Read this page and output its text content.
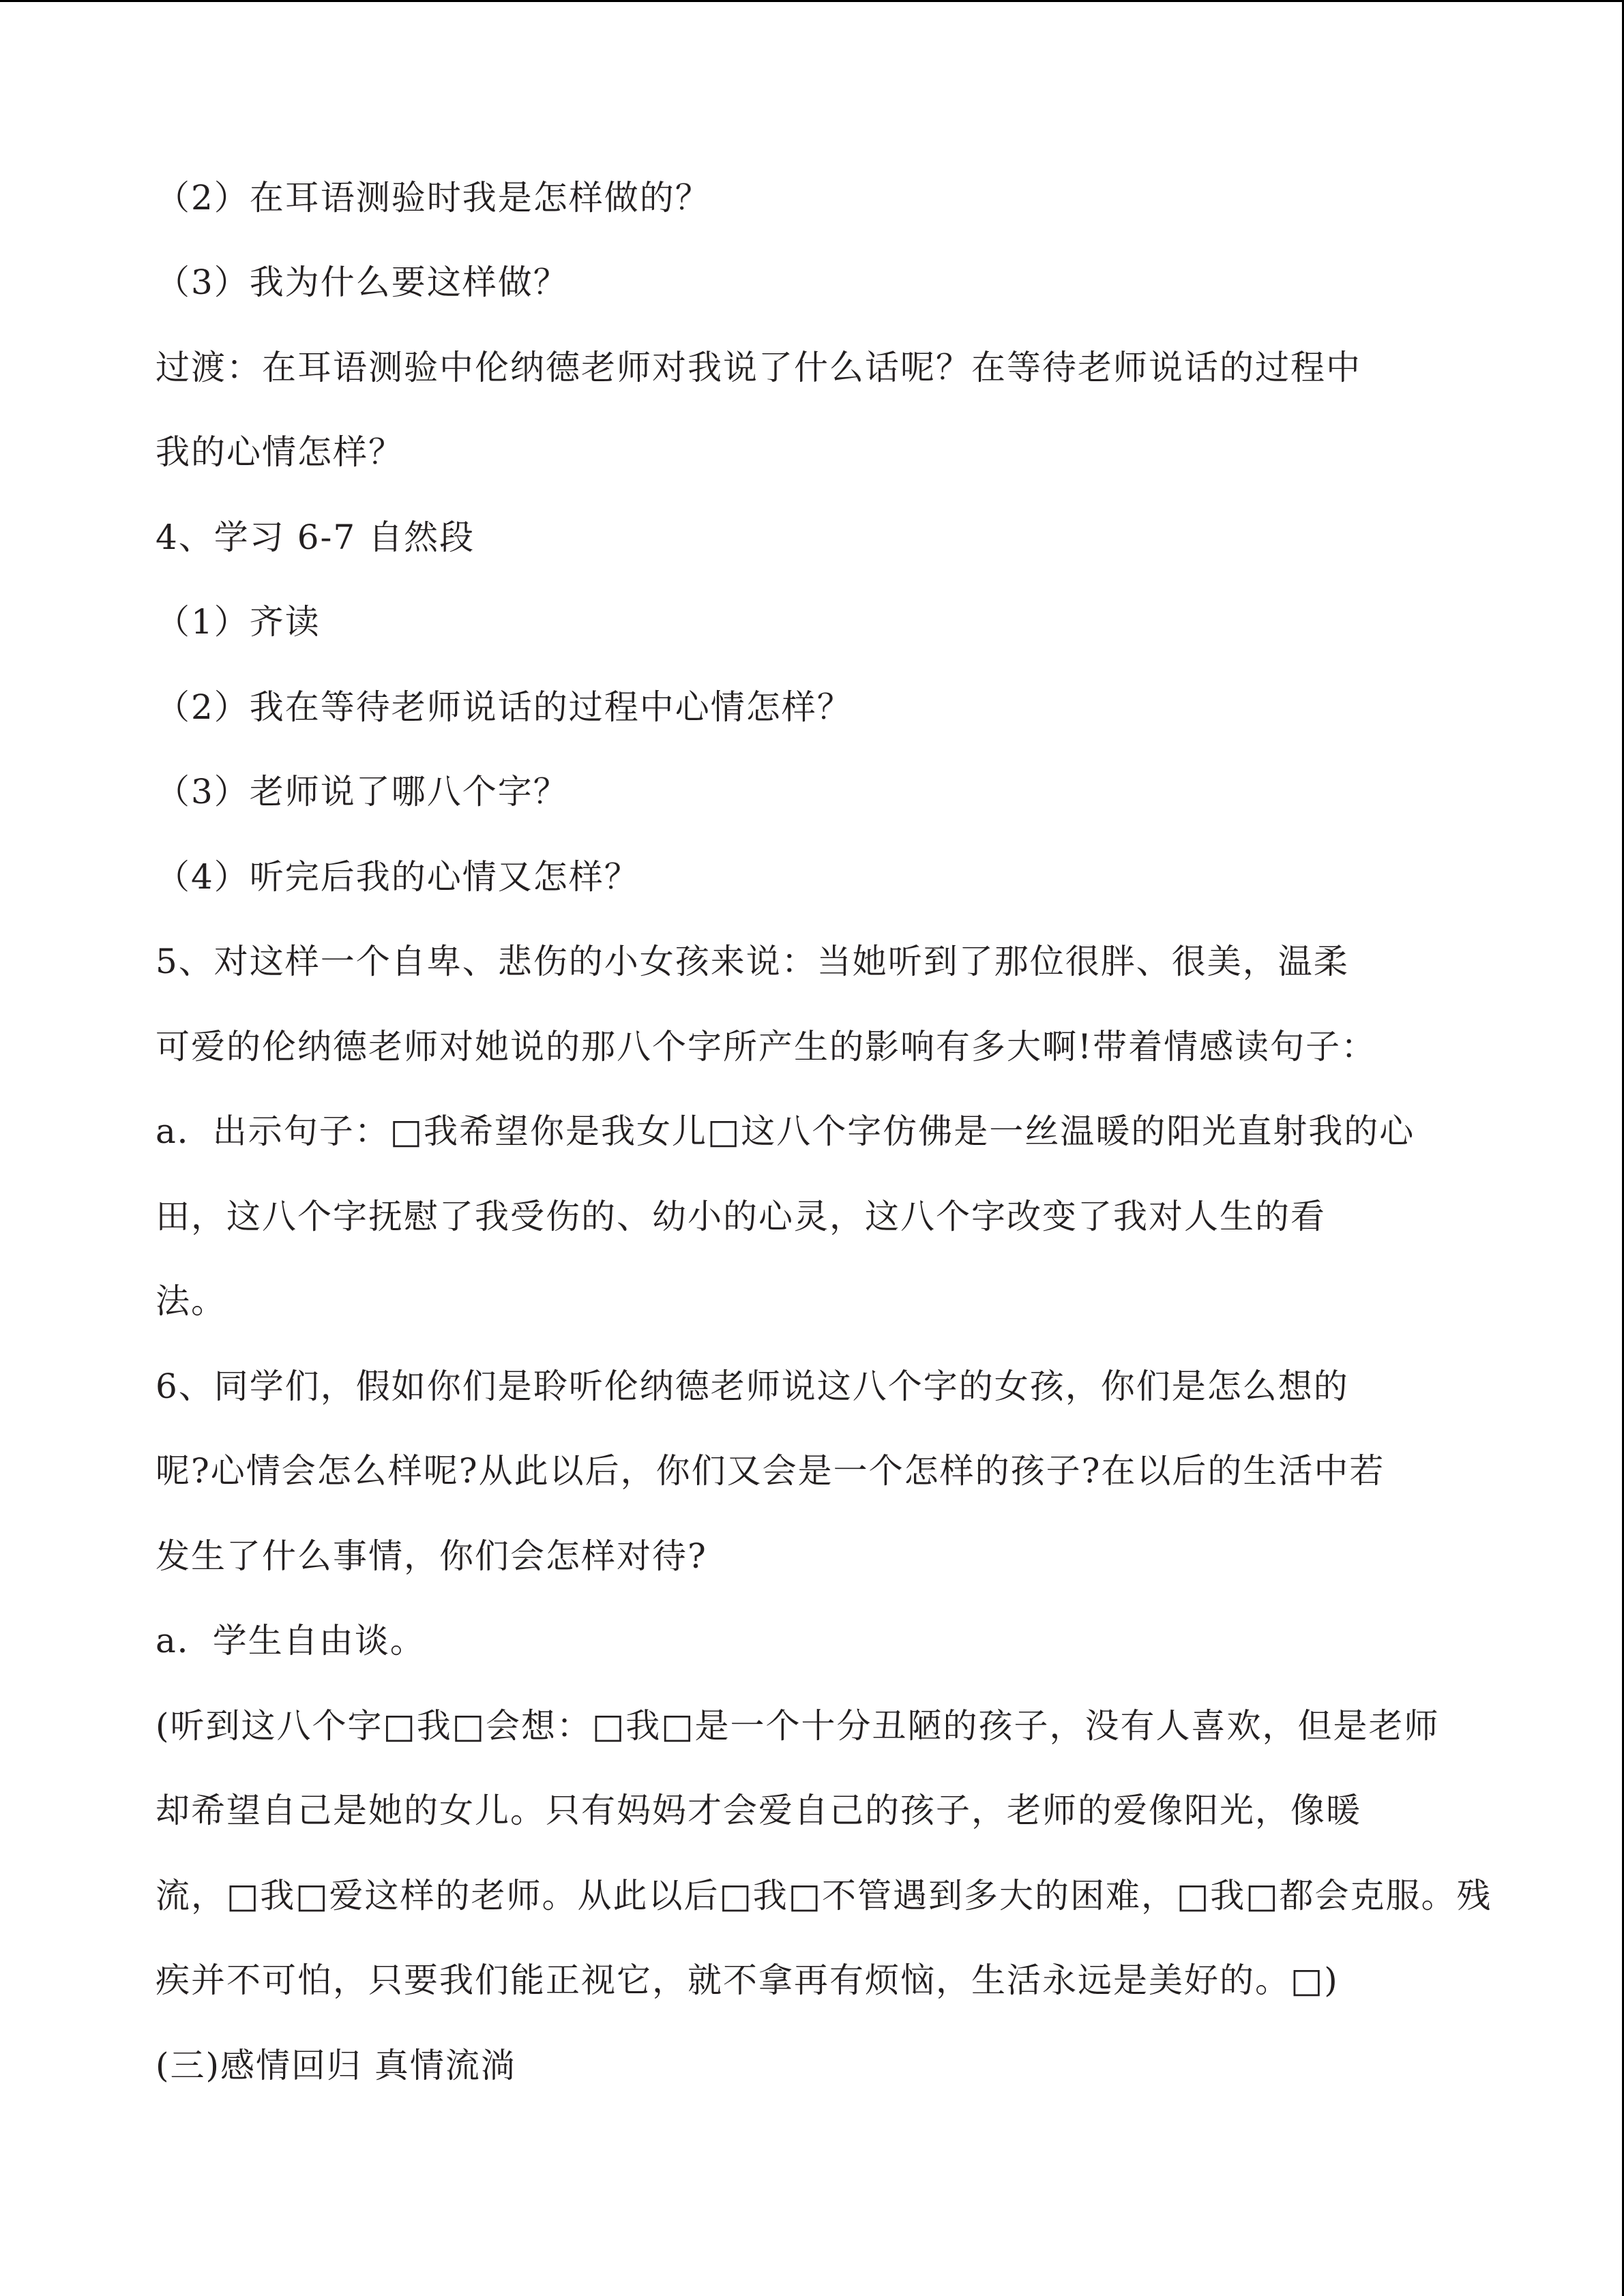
（2）在耳语测验时我是怎样做的？
（3）我为什么要这样做？
过渡：在耳语测验中伦纳德老师对我说了什么话呢？在等待老师说话的过程中
我的心情怎样？
4、学习 6-7 自然段
（1）齐读
（2）我在等待老师说话的过程中心情怎样？
（3）老师说了哪八个字？
（4）听完后我的心情又怎样？
5、对这样一个自卑、悲伤的小女孩来说：当她听到了那位很胖、很美，温柔
可爱的伦纳德老师对她说的那八个字所产生的影响有多大啊!带着情感读句子：
a．出示句子：□我希望你是我女儿□这八个字仿佛是一丝温暖的阳光直射我的心
田，这八个字抚慰了我受伤的、幼小的心灵，这八个字改变了我对人生的看
法。
6、同学们，假如你们是聆听伦纳德老师说这八个字的女孩，你们是怎么想的
呢?心情会怎么样呢?从此以后，你们又会是一个怎样的孩子?在以后的生活中若
发生了什么事情，你们会怎样对待?
a．学生自由谈。
(听到这八个字□我□会想：□我□是一个十分丑陋的孩子，没有人喜欢，但是老师
却希望自己是她的女儿。只有妈妈才会爱自己的孩子，老师的爱像阳光，像暖
流，□我□爱这样的老师。从此以后□我□不管遇到多大的困难，□我□都会克服。残
疾并不可怕，只要我们能正视它，就不拿再有烦恼，生活永远是美好的。□)
(三)感情回归 真情流淌
